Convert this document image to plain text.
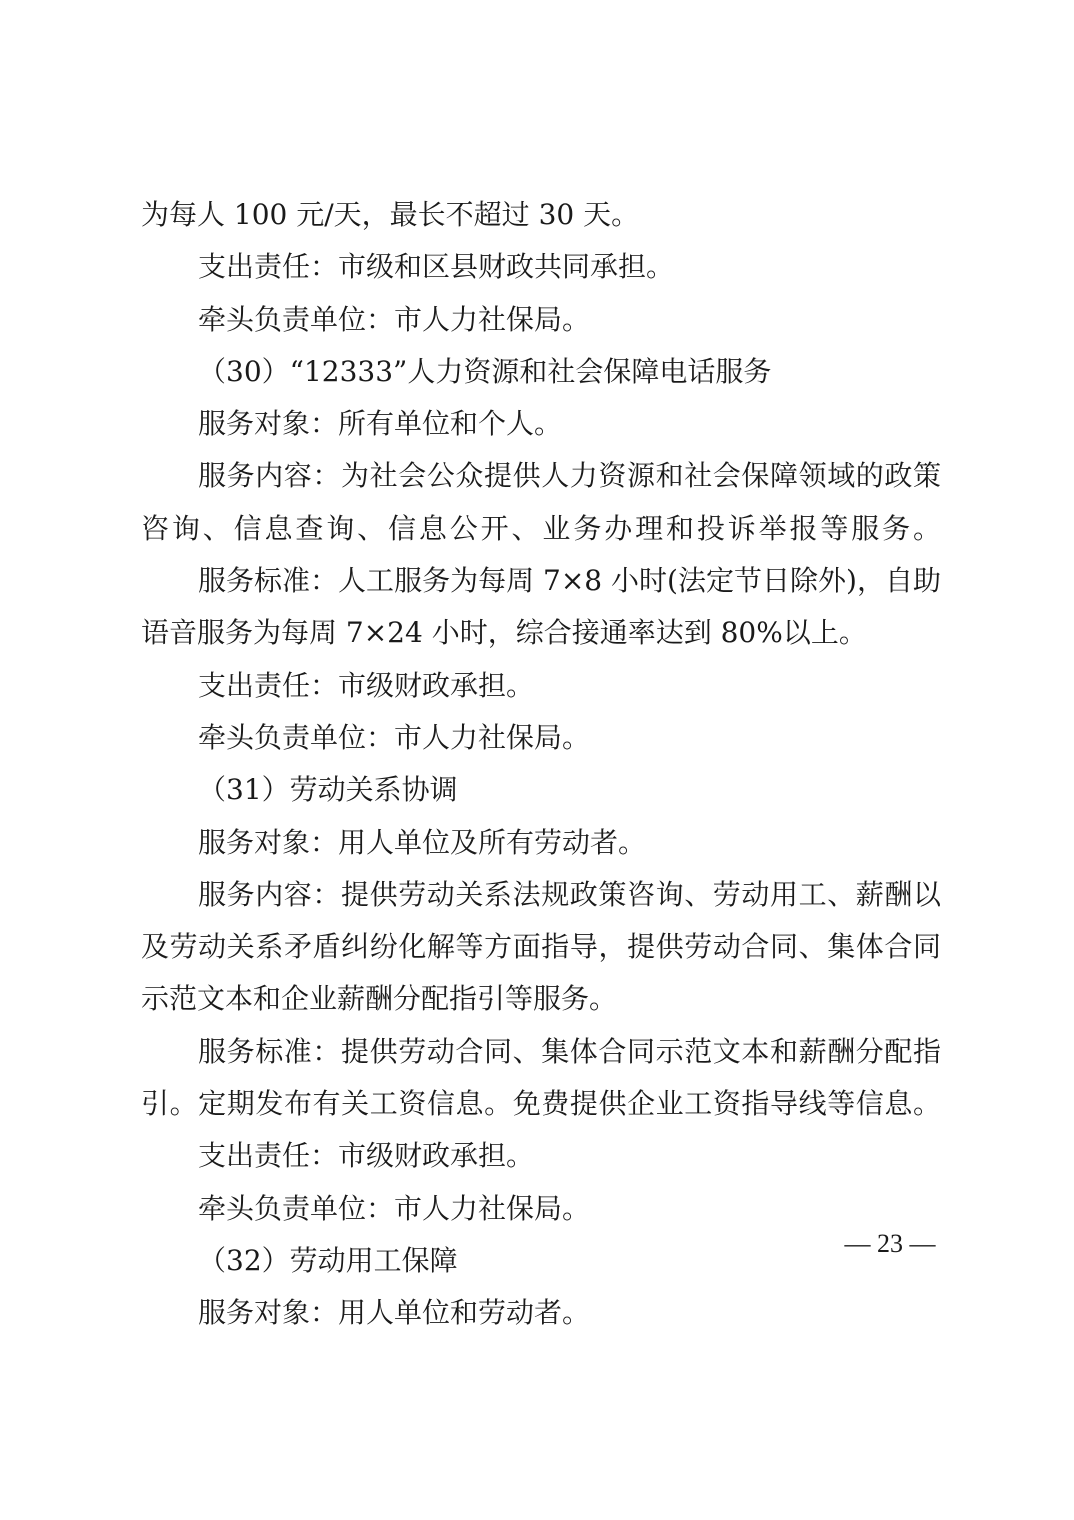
为每人 100 元/天，最长不超过 30 天。
支出责任：市级和区县财政共同承担。
牵头负责单位：市人力社保局。
（30）“12333”人力资源和社会保障电话服务
服务对象：所有单位和个人。
服务内容：为社会公众提供人力资源和社会保障领域的政策
咨询、信息查询、信息公开、业务办理和投诉举报等服务。
服务标准：人工服务为每周 7×8 小时(法定节日除外)，自助
语音服务为每周 7×24 小时，综合接通率达到 80%以上。
支出责任：市级财政承担。
牵头负责单位：市人力社保局。
（31）劳动关系协调
服务对象：用人单位及所有劳动者。
服务内容：提供劳动关系法规政策咨询、劳动用工、薪酬以
及劳动关系矛盾纠纷化解等方面指导，提供劳动合同、集体合同
示范文本和企业薪酬分配指引等服务。
服务标准：提供劳动合同、集体合同示范文本和薪酬分配指
引。定期发布有关工资信息。免费提供企业工资指导线等信息。
支出责任：市级财政承担。
牵头负责单位：市人力社保局。
（32）劳动用工保障
服务对象：用人单位和劳动者。
— 23 —
